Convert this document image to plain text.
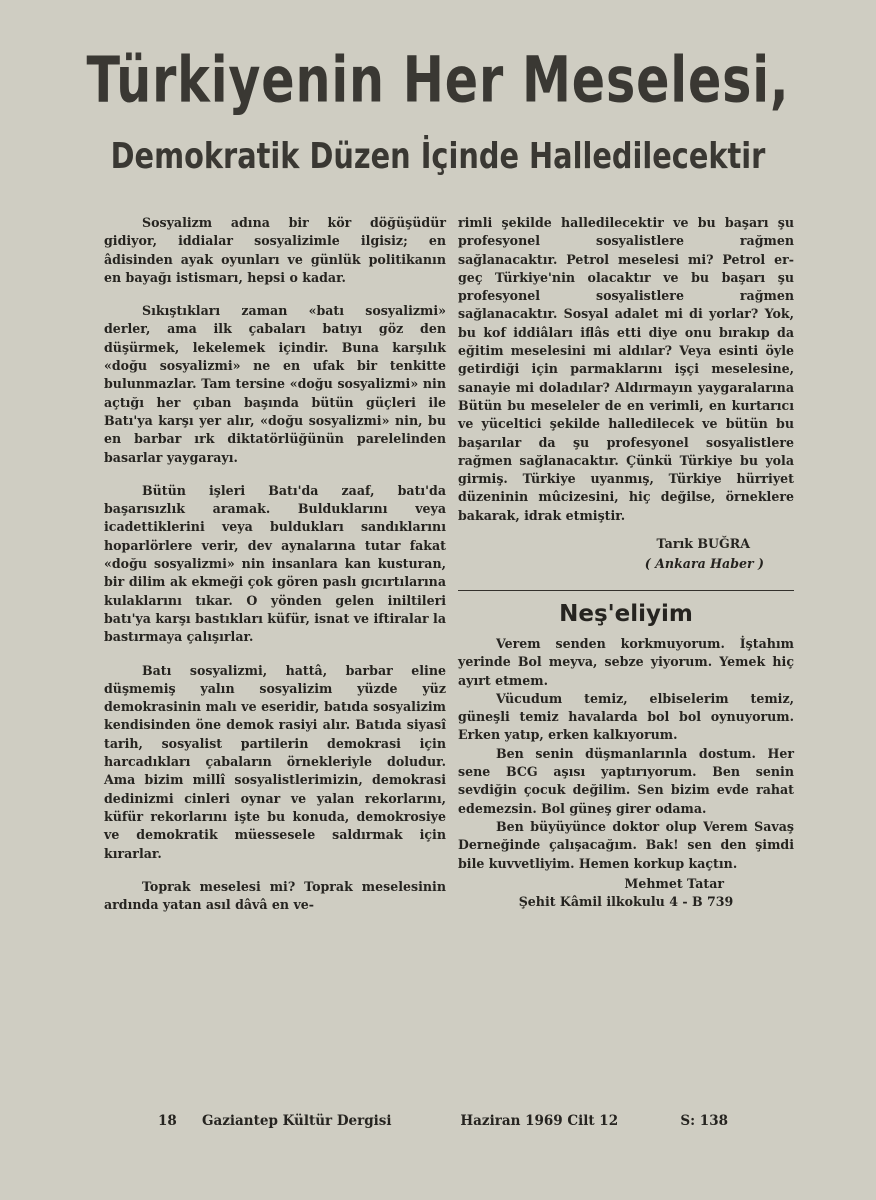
Türkiyenin Her Meselesi,
Demokratik Düzen İçinde Halledilecektir

Sosyalizm adına bir kör döğüşüdür gidiyor, iddialar sosyalizimle ilgisiz; en âdisinden ayak oyunları ve günlük politikanın en bayağı istismarı, hepsi o kadar.

Sıkıştıkları zaman «batı sosyalizmi» derler, ama ilk çabaları batıyı göz den düşürmek, lekelemek içindir. Buna karşılık «doğu sosyalizmi» ne en ufak bir tenkitte bulunmazlar. Tam tersine «doğu sosyalizmi» nin açtığı her çıban başında bütün güçleri ile Batı'ya karşı yer alır, «doğu sosyalizmi» nin, bu en barbar ırk diktatörlüğünün parelelinden basarlar yaygarayı.

Bütün işleri Batı'da zaaf, batı'da başarısızlık aramak. Bulduklarını veya icadettiklerini veya buldukları sandıklarını hoparlörlere verir, dev aynalarına tutar fakat «doğu sosyalizmi» nin insanlara kan kusturan, bir dilim ak ekmeği çok gören paslı gıcırtılarına kulaklarını tıkar. O yönden gelen iniltileri batı'ya karşı bastıkları küfür, isnat ve iftiralar la bastırmaya çalışırlar.

Batı sosyalizmi, hattâ, barbar eline düşmemiş yalın sosyalizim yüzde yüz demokrasinin malı ve eseridir, batıda sosyalizim kendisinden öne demok rasiyi alır. Batıda siyasî tarih, sosyalist partilerin demokrasi için harcadıkları çabaların örnekleriyle doludur. Ama bizim millî sosyalistlerimizin, demokrasi dedinizmi cinleri oynar ve yalan rekorlarını, küfür rekorlarını işte bu konuda, demokrosiye ve demokratik müessesele saldırmak için kırarlar.

Toprak meselesi mi? Toprak meselesinin ardında yatan asıl dâvâ en ve-

rimli şekilde halledilecektir ve bu başarı şu profesyonel sosyalistlere rağmen sağlanacaktır. Petrol meselesi mi? Petrol er-geç Türkiye'nin olacaktır ve bu başarı şu profesyonel sosyalistlere rağmen sağlanacaktır. Sosyal adalet mi di yorlar? Yok, bu kof iddiâları iflâs etti diye onu bırakıp da eğitim meselesini mi aldılar? Veya esinti öyle getirdiği için parmaklarını işçi meselesine, sanayie mi doladılar? Aldırmayın yaygaralarına Bütün bu meseleler de en verimli, en kurtarıcı ve yüceltici şekilde halledilecek ve bütün bu başarılar da şu profesyonel sosyalistlere rağmen sağlanacaktır. Çünkü Türkiye bu yola girmiş. Türkiye uyanmış, Türkiye hürriyet düzeninin mûcizesini, hiç değilse, örneklere bakarak, idrak etmiştir.

Tarık BUĞRA
( Ankara Haber )
Neş'eliyim

Verem senden korkmuyorum. İştahım yerinde Bol meyva, sebze yiyorum. Yemek hiç ayırt etmem.

Vücudum temiz, elbiselerim temiz, güneşli temiz havalarda bol bol oynuyorum. Erken yatıp, erken kalkıyorum.

Ben senin düşmanlarınla dostum. Her sene BCG aşısı yaptırıyorum. Ben senin sevdiğin çocuk değilim. Sen bizim evde rahat edemezsin. Bol güneş girer odama.

Ben büyüyünce doktor olup Verem Savaş Derneğinde çalışacağım. Bak! sen den şimdi bile kuvvetliyim. Hemen korkup kaçtın.

Mehmet Tatar
Şehit Kâmil ilkokulu 4 - B 739
18	Gaziantep Kültür Dergisi	Haziran 1969 Cilt 12	S: 138
